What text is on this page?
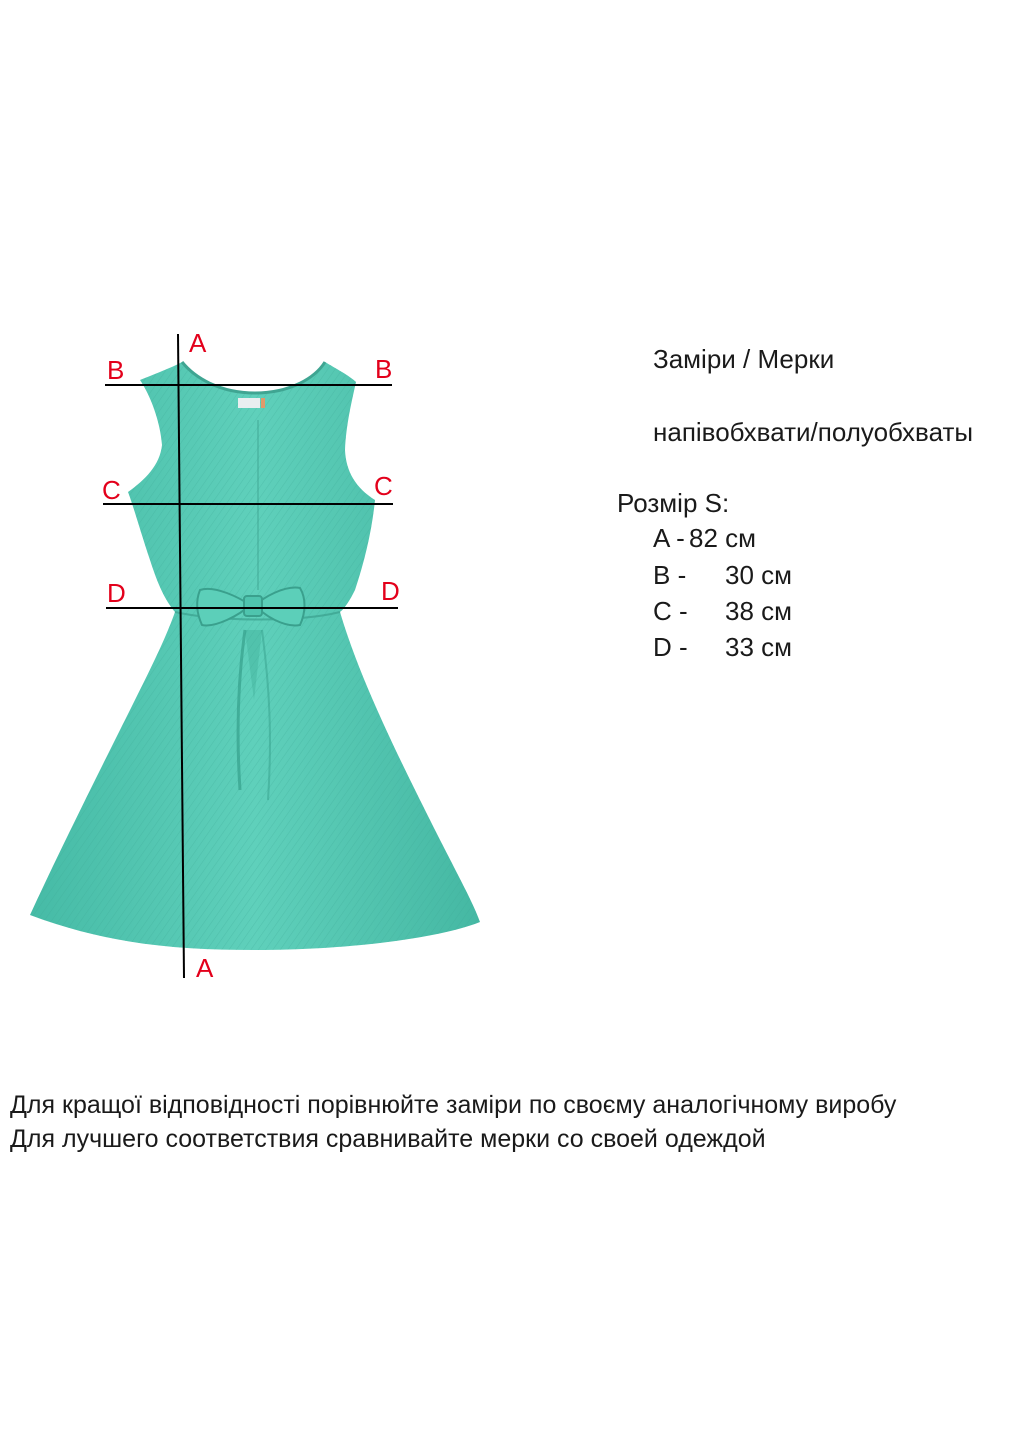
A
A
B	B
C	C
D	D
Заміри / Мерки
напівобхвати/полуобхваты
Розмір S:
A - 82 см
B - 30 см
C - 38 см
D - 33 см
Для кращої відповідності порівнюйте заміри по своєму аналогічному виробу
Для лучшего соответствия сравнивайте мерки со своей одеждой
